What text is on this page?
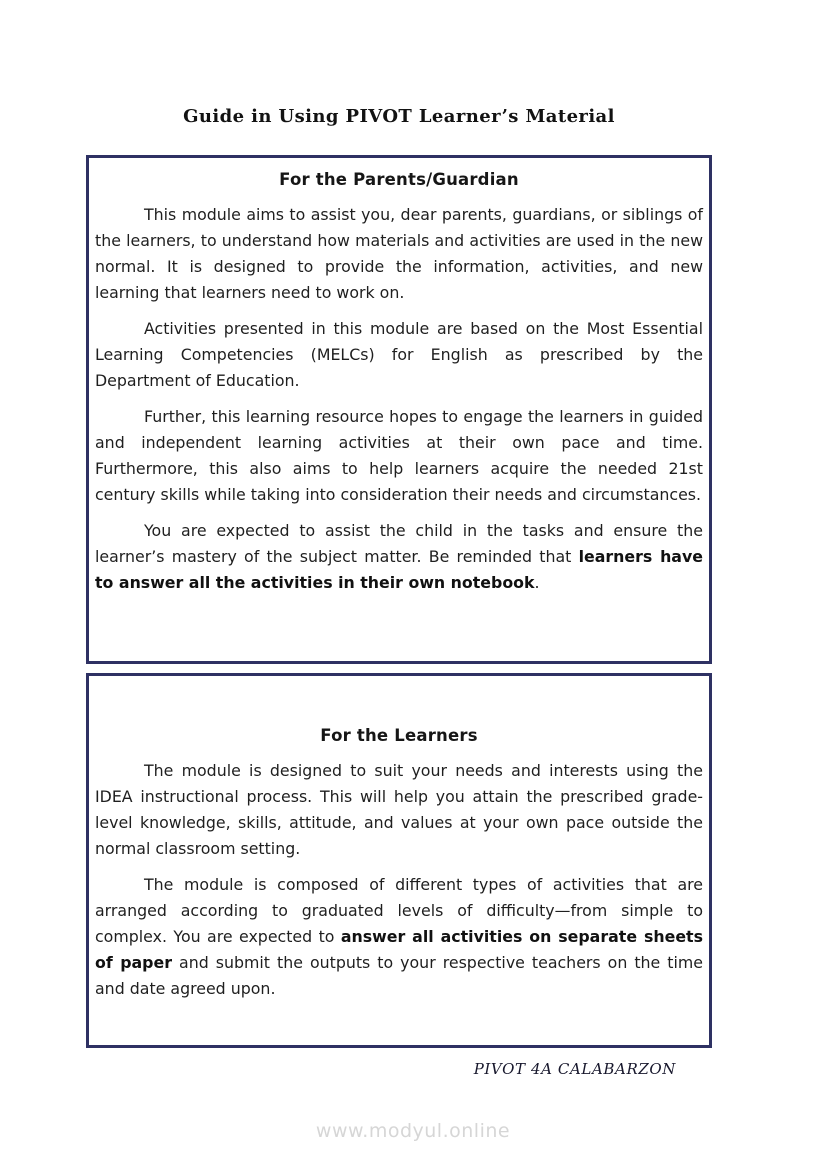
Guide in Using PIVOT Learner’s Material
For the Parents/Guardian

This module aims to assist you, dear parents, guardians, or siblings of the learners, to understand how materials and activities are used in the new normal. It is designed to provide the information, activities, and new learning that learners need to work on.

Activities presented in this module are based on the Most Essential Learning Competencies (MELCs) for English as prescribed by the Department of Education.

Further, this learning resource hopes to engage the learners in guided and independent learning activities at their own pace and time. Furthermore, this also aims to help learners acquire the needed 21st century skills while taking into consideration their needs and circumstances.

You are expected to assist the child in the tasks and ensure the learner’s mastery of the subject matter. Be reminded that learners have to answer all the activities in their own notebook.

For the Learners

The module is designed to suit your needs and interests using the IDEA instructional process. This will help you attain the prescribed grade-level knowledge, skills, attitude, and values at your own pace outside the normal classroom setting.

The module is composed of different types of activities that are arranged according to graduated levels of difficulty—from simple to complex. You are expected to answer all activities on separate sheets of paper and submit the outputs to your respective teachers on the time and date agreed upon.

PIVOT 4A CALABARZON
www.modyul.online
